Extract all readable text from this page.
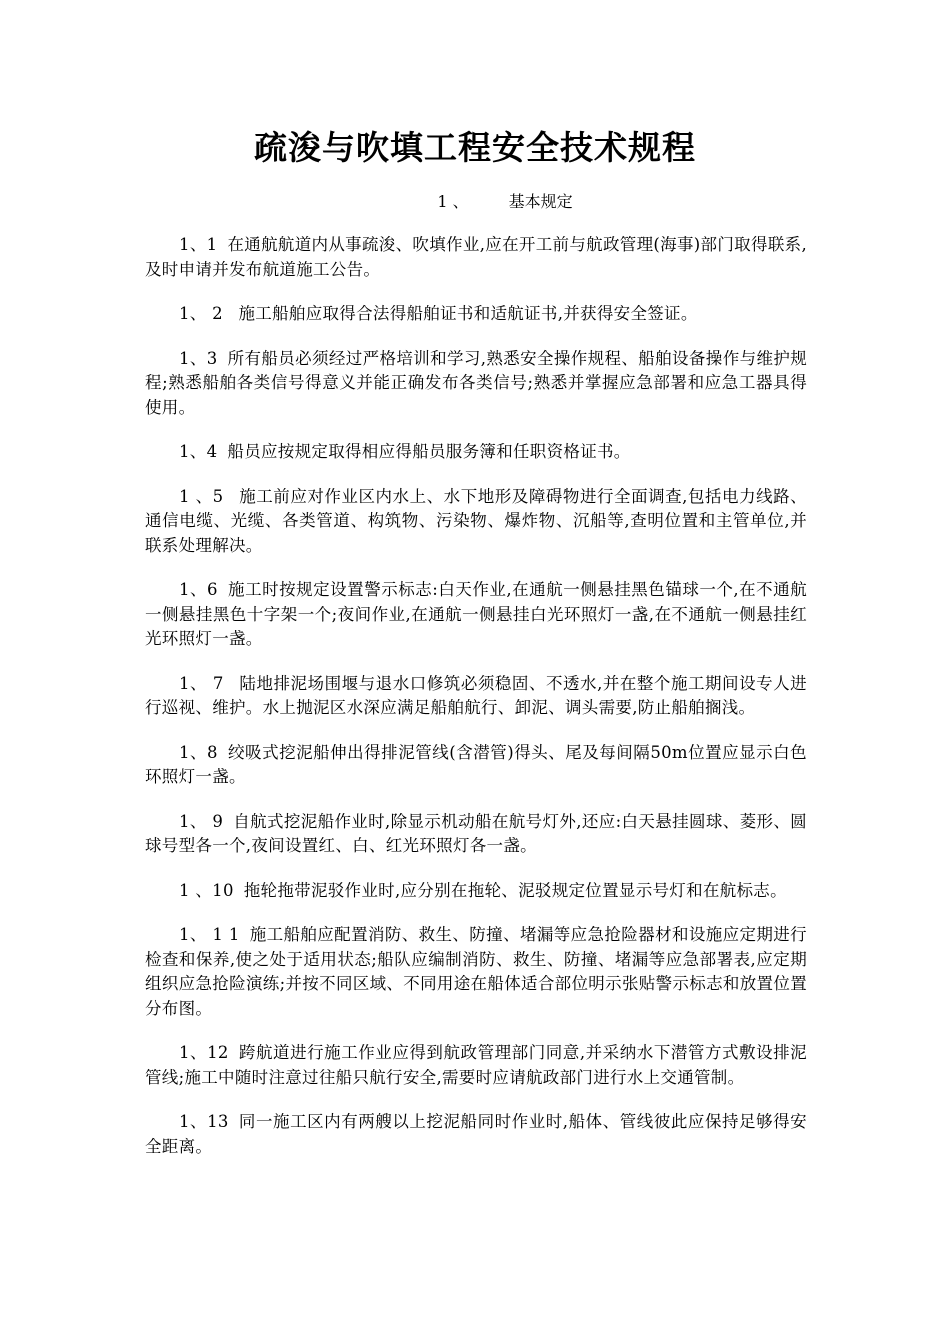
疏浚与吹填工程安全技术规程
1 、	基本规定

1、1 在通航航道内从事疏浚、吹填作业,应在开工前与航政管理(海事)部门取得联系,及时申请并发布航道施工公告。

1、 2 施工船舶应取得合法得船舶证书和适航证书,并获得安全签证。

1、3 所有船员必须经过严格培训和学习,熟悉安全操作规程、船舶设备操作与维护规程;熟悉船舶各类信号得意义并能正确发布各类信号;熟悉并掌握应急部署和应急工器具得使用。

1、4 船员应按规定取得相应得船员服务簿和任职资格证书。

1 、5 施工前应对作业区内水上、水下地形及障碍物进行全面调查,包括电力线路、通信电缆、光缆、各类管道、构筑物、污染物、爆炸物、沉船等,查明位置和主管单位,并联系处理解决。

1、6 施工时按规定设置警示标志:白天作业,在通航一侧悬挂黑色锚球一个,在不通航一侧悬挂黑色十字架一个;夜间作业,在通航一侧悬挂白光环照灯一盏,在不通航一侧悬挂红光环照灯一盏。

1、 7 陆地排泥场围堰与退水口修筑必须稳固、不透水,并在整个施工期间设专人进行巡视、维护。水上抛泥区水深应满足船舶航行、卸泥、调头需要,防止船舶搁浅。

1、8 绞吸式挖泥船伸出得排泥管线(含潜管)得头、尾及每间隔50m位置应显示白色环照灯一盏。

1、 9 自航式挖泥船作业时,除显示机动船在航号灯外,还应:白天悬挂圆球、菱形、圆球号型各一个,夜间设置红、白、红光环照灯各一盏。

1 、10 拖轮拖带泥驳作业时,应分别在拖轮、泥驳规定位置显示号灯和在航标志。

1、 1 1 施工船舶应配置消防、救生、防撞、堵漏等应急抢险器材和设施应定期进行检查和保养,使之处于适用状态;船队应编制消防、救生、防撞、堵漏等应急部署表,应定期组织应急抢险演练;并按不同区域、不同用途在船体适合部位明示张贴警示标志和放置位置分布图。

1、12 跨航道进行施工作业应得到航政管理部门同意,并采纳水下潜管方式敷设排泥管线;施工中随时注意过往船只航行安全,需要时应请航政部门进行水上交通管制。

1、13 同一施工区内有两艘以上挖泥船同时作业时,船体、管线彼此应保持足够得安全距离。
